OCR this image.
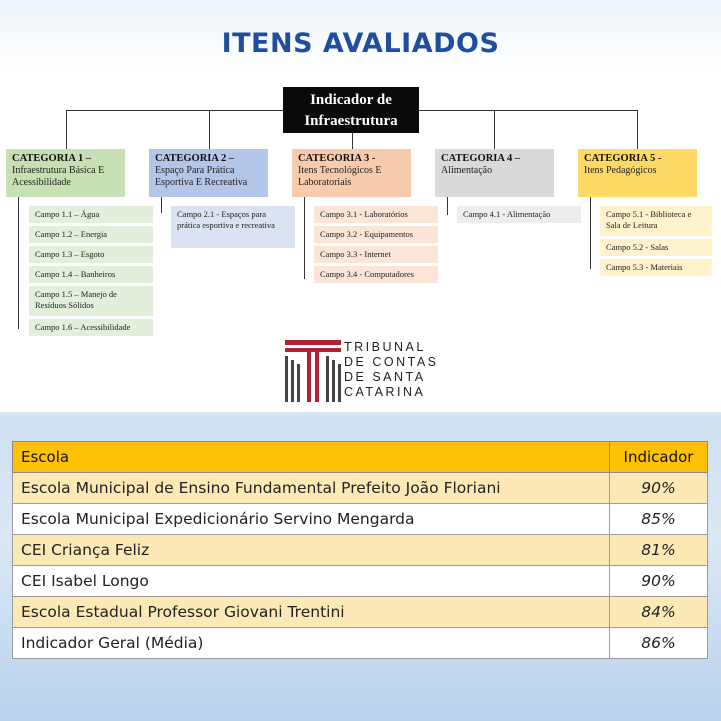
ITENS AVALIADOS
Indicador de
Infraestrutura
CATEGORIA 1 –
Infraestrutura Básica E Acessibilidade
Campo 1.1 – Água
Campo 1.2 – Energia
Campo 1.3 – Esgoto
Campo 1.4 – Banheiros
Campo 1.5 – Manejo de Resíduos Sólidos
Campo 1.6 – Acessibilidade
CATEGORIA 2 –
Espaço Para Prática Esportiva E Recreativa
Campo 2.1 - Espaços para prática esportiva e recreativa
CATEGORIA 3 -
Itens Tecnológicos E Laboratoriais
Campo 3.1 - Laboratórios
Campo 3.2 - Equipamentos
Campo 3.3 - Internet
Campo 3.4 - Computadores
CATEGORIA 4 –
Alimentação
Campo 4.1 - Alimentação
CATEGORIA 5 -
Itens Pedagógicos
Campo 5.1 - Biblioteca e Sala de Leitura
Campo 5.2 - Salas
Campo 5.3 - Materiais
TRIBUNAL
DE CONTAS
DE SANTA
CATARINA
Escola	Indicador
Escola Municipal de Ensino Fundamental Prefeito João Floriani	90%
Escola Municipal Expedicionário Servino Mengarda	85%
CEI Criança Feliz	81%
CEI Isabel Longo	90%
Escola Estadual Professor Giovani Trentini	84%
Indicador Geral (Média)	86%
